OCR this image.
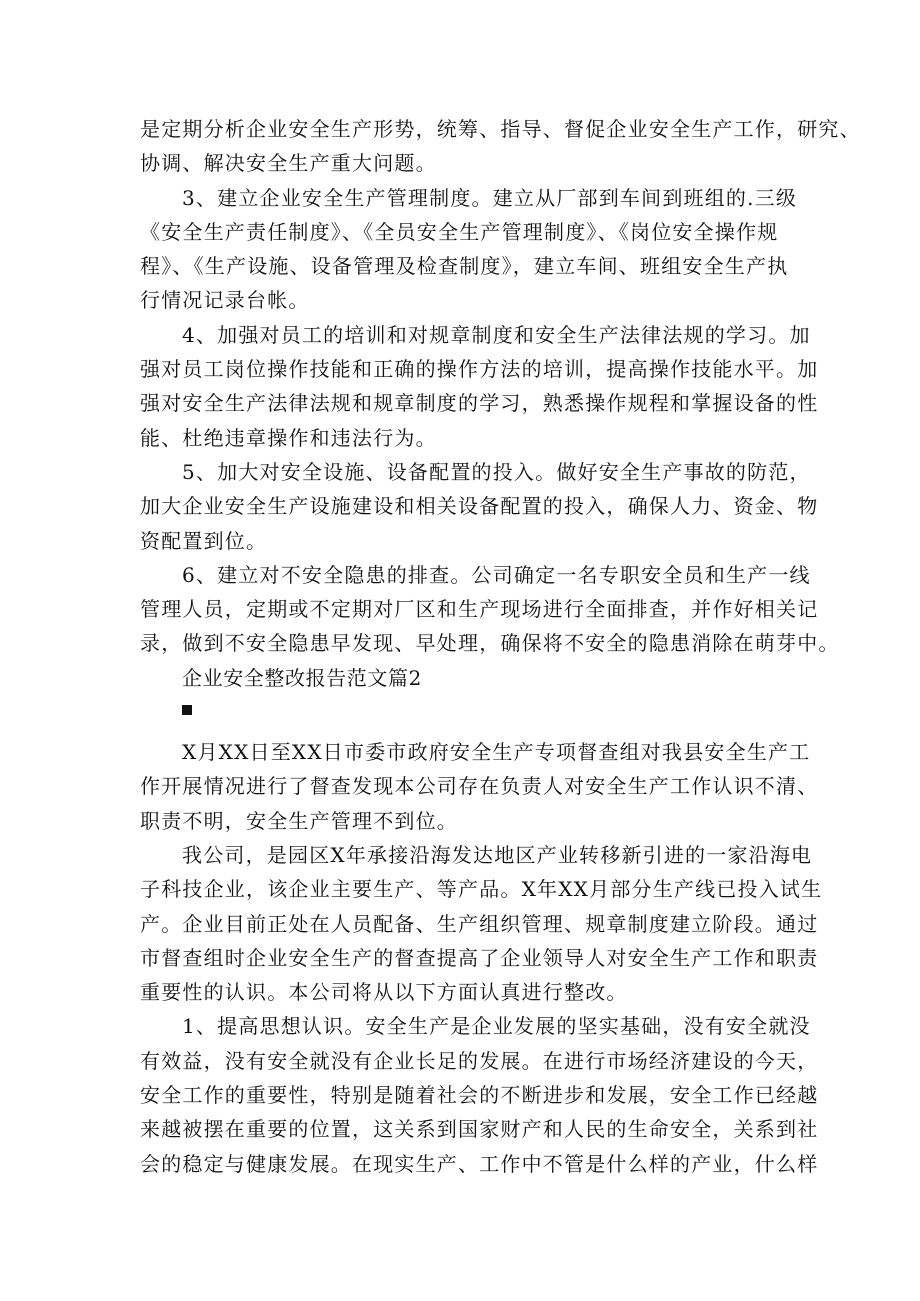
是定期分析企业安全生产形势，统筹、指导、督促企业安全生产工作，研究、
协调、解决安全生产重大问题。
3、建立企业安全生产管理制度。建立从厂部到车间到班组的.三级
《安全生产责任制度》、《全员安全生产管理制度》、《岗位安全操作规
程》、《生产设施、设备管理及检查制度》，建立车间、班组安全生产执
行情况记录台帐。
4、加强对员工的培训和对规章制度和安全生产法律法规的学习。加
强对员工岗位操作技能和正确的操作方法的培训，提高操作技能水平。加
强对安全生产法律法规和规章制度的学习，熟悉操作规程和掌握设备的性
能、杜绝违章操作和违法行为。
5、加大对安全设施、设备配置的投入。做好安全生产事故的防范，
加大企业安全生产设施建设和相关设备配置的投入，确保人力、资金、物
资配置到位。
6、建立对不安全隐患的排查。公司确定一名专职安全员和生产一线
管理人员，定期或不定期对厂区和生产现场进行全面排查，并作好相关记
录，做到不安全隐患早发现、早处理，确保将不安全的隐患消除在萌芽中。
企业安全整改报告范文篇2
X月XX日至XX日市委市政府安全生产专项督查组对我县安全生产工
作开展情况进行了督查发现本公司存在负责人对安全生产工作认识不清、
职责不明，安全生产管理不到位。
我公司，是园区X年承接沿海发达地区产业转移新引进的一家沿海电
子科技企业，该企业主要生产、等产品。X年XX月部分生产线已投入试生
产。企业目前正处在人员配备、生产组织管理、规章制度建立阶段。通过
市督查组时企业安全生产的督查提高了企业领导人对安全生产工作和职责
重要性的认识。本公司将从以下方面认真进行整改。
1、提高思想认识。安全生产是企业发展的坚实基础，没有安全就没
有效益，没有安全就没有企业长足的发展。在进行市场经济建设的今天，
安全工作的重要性，特别是随着社会的不断进步和发展，安全工作已经越
来越被摆在重要的位置，这关系到国家财产和人民的生命安全，关系到社
会的稳定与健康发展。在现实生产、工作中不管是什么样的产业，什么样
